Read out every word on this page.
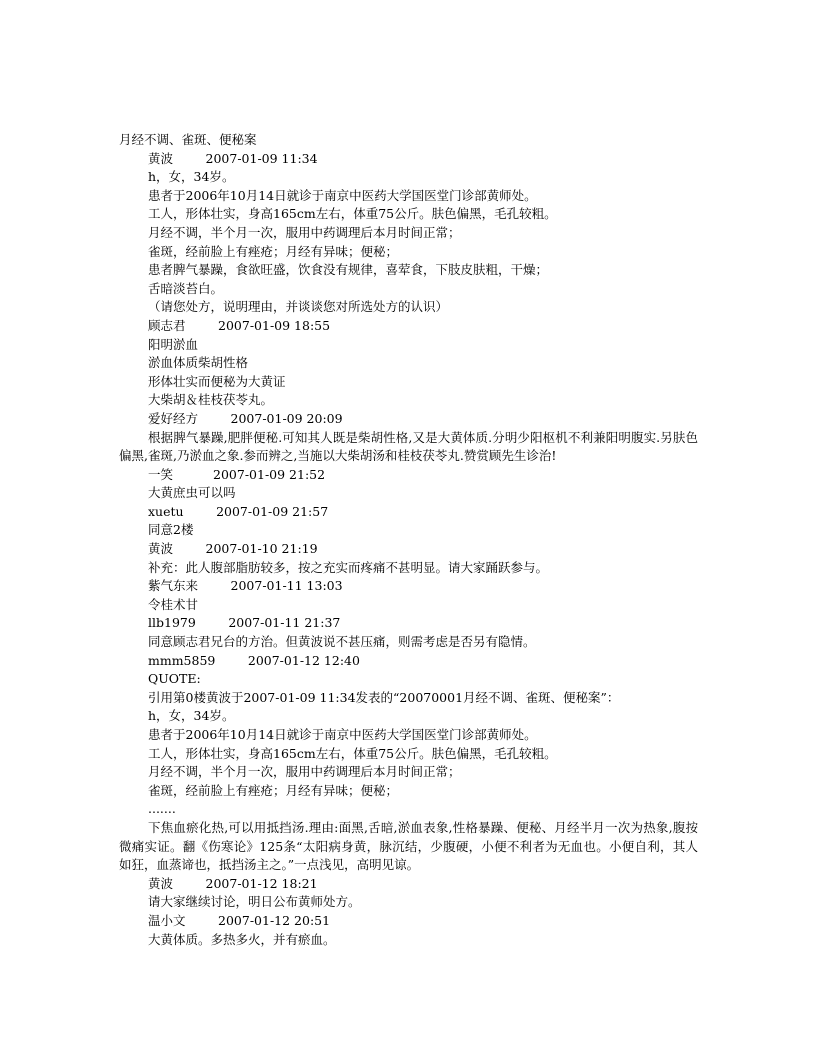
月经不调、雀斑、便秘案
黄波	2007-01-09 11:34
h，女，34岁。
患者于2006年10月14日就诊于南京中医药大学国医堂门诊部黄师处。
工人，形体壮实，身高165cm左右，体重75公斤。肤色偏黑，毛孔较粗。
月经不调，半个月一次，服用中药调理后本月时间正常；
雀斑，经前脸上有痤疮；月经有异味；便秘；
患者脾气暴躁，食欲旺盛，饮食没有规律，喜荤食，下肢皮肤粗，干燥；
舌暗淡苔白。
（请您处方，说明理由，并谈谈您对所选处方的认识）
顾志君	2007-01-09 18:55
阳明淤血
淤血体质柴胡性格
形体壮实而便秘为大黄证
大柴胡＆桂枝茯苓丸。
爱好经方	2007-01-09 20:09
根据脾气暴躁,肥胖便秘.可知其人既是柴胡性格,又是大黄体质.分明少阳枢机不利兼阳明腹实.另肤色偏黑,雀斑,乃淤血之象.参而辨之,当施以大柴胡汤和桂枝茯苓丸.赞赏顾先生诊治!
一笑	2007-01-09 21:52
大黄庶虫可以吗
xuetu	2007-01-09 21:57
同意2楼
黄波	2007-01-10 21:19
补充：此人腹部脂肪较多，按之充实而疼痛不甚明显。请大家踊跃参与。
紫气东来	2007-01-11 13:03
令桂术甘
llb1979	2007-01-11 21:37
同意顾志君兄台的方治。但黄波说不甚压痛，则需考虑是否另有隐情。
mmm5859	2007-01-12 12:40
QUOTE:
引用第0楼黄波于2007-01-09 11:34发表的“20070001月经不调、雀斑、便秘案”：
h，女，34岁。
患者于2006年10月14日就诊于南京中医药大学国医堂门诊部黄师处。
工人，形体壮实，身高165cm左右，体重75公斤。肤色偏黑，毛孔较粗。
月经不调，半个月一次，服用中药调理后本月时间正常；
雀斑，经前脸上有痤疮；月经有异味；便秘；
.......
下焦血瘀化热,可以用抵挡汤.理由:面黑,舌暗,淤血表象,性格暴躁、便秘、月经半月一次为热象,腹按微痛实证。翻《伤寒论》125条“太阳病身黄，脉沉结，少腹硬，小便不利者为无血也。小便自利，其人如狂，血蒸谛也，抵挡汤主之。”一点浅见，高明见谅。
黄波	2007-01-12 18:21
请大家继续讨论，明日公布黄师处方。
温小文	2007-01-12 20:51
大黄体质。多热多火，并有瘀血。
